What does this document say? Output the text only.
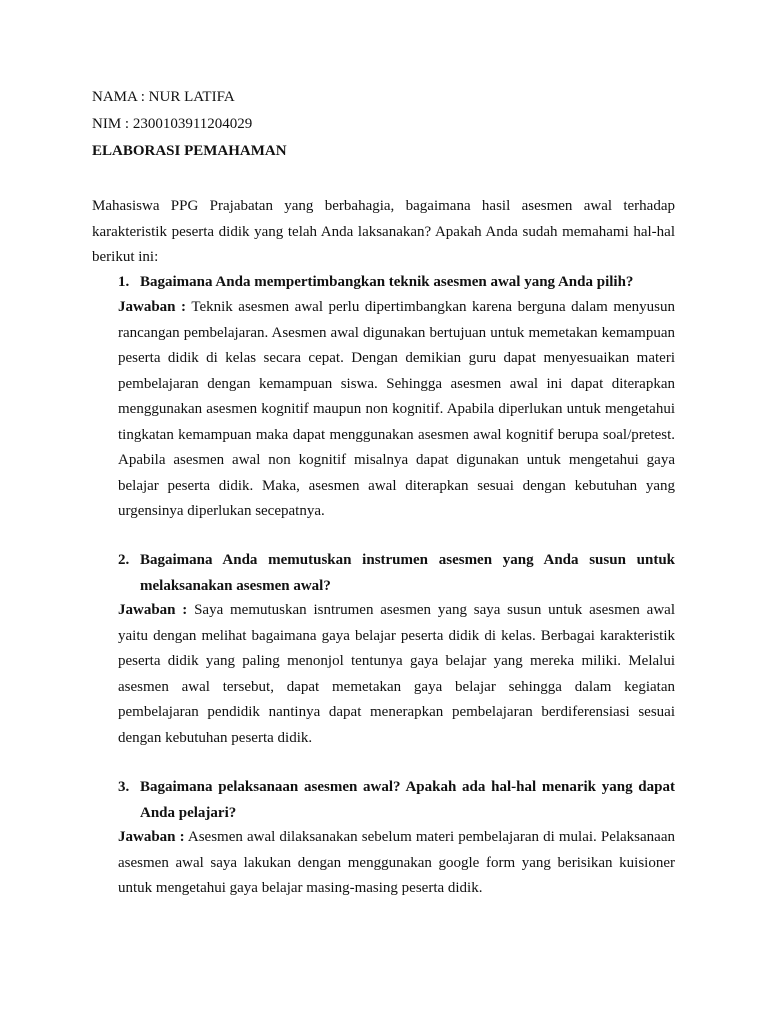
NAMA : NUR LATIFA
NIM : 2300103911204029
ELABORASI PEMAHAMAN

Mahasiswa PPG Prajabatan yang berbahagia, bagaimana hasil asesmen awal terhadap karakteristik peserta didik yang telah Anda laksanakan? Apakah Anda sudah memahami hal-hal berikut ini:

1. Bagaimana Anda mempertimbangkan teknik asesmen awal yang Anda pilih?

Jawaban : Teknik asesmen awal perlu dipertimbangkan karena berguna dalam menyusun rancangan pembelajaran. Asesmen awal digunakan bertujuan untuk memetakan kemampuan peserta didik di kelas secara cepat. Dengan demikian guru dapat menyesuaikan materi pembelajaran dengan kemampuan siswa. Sehingga asesmen awal ini dapat diterapkan menggunakan asesmen kognitif maupun non kognitif. Apabila diperlukan untuk mengetahui tingkatan kemampuan maka dapat menggunakan asesmen awal kognitif berupa soal/pretest. Apabila asesmen awal non kognitif misalnya dapat digunakan untuk mengetahui gaya belajar peserta didik. Maka, asesmen awal diterapkan sesuai dengan kebutuhan yang urgensinya diperlukan secepatnya.

2. Bagaimana Anda memutuskan instrumen asesmen yang Anda susun untuk melaksanakan asesmen awal?

Jawaban : Saya memutuskan isntrumen asesmen yang saya susun untuk asesmen awal yaitu dengan melihat bagaimana gaya belajar peserta didik di kelas. Berbagai karakteristik peserta didik yang paling menonjol tentunya gaya belajar yang mereka miliki. Melalui asesmen awal tersebut, dapat memetakan gaya belajar sehingga dalam kegiatan pembelajaran pendidik nantinya dapat menerapkan pembelajaran berdiferensiasi sesuai dengan kebutuhan peserta didik.

3. Bagaimana pelaksanaan asesmen awal? Apakah ada hal-hal menarik yang dapat Anda pelajari?

Jawaban : Asesmen awal dilaksanakan sebelum materi pembelajaran di mulai. Pelaksanaan asesmen awal saya lakukan dengan menggunakan google form yang berisikan kuisioner untuk mengetahui gaya belajar masing-masing peserta didik.
